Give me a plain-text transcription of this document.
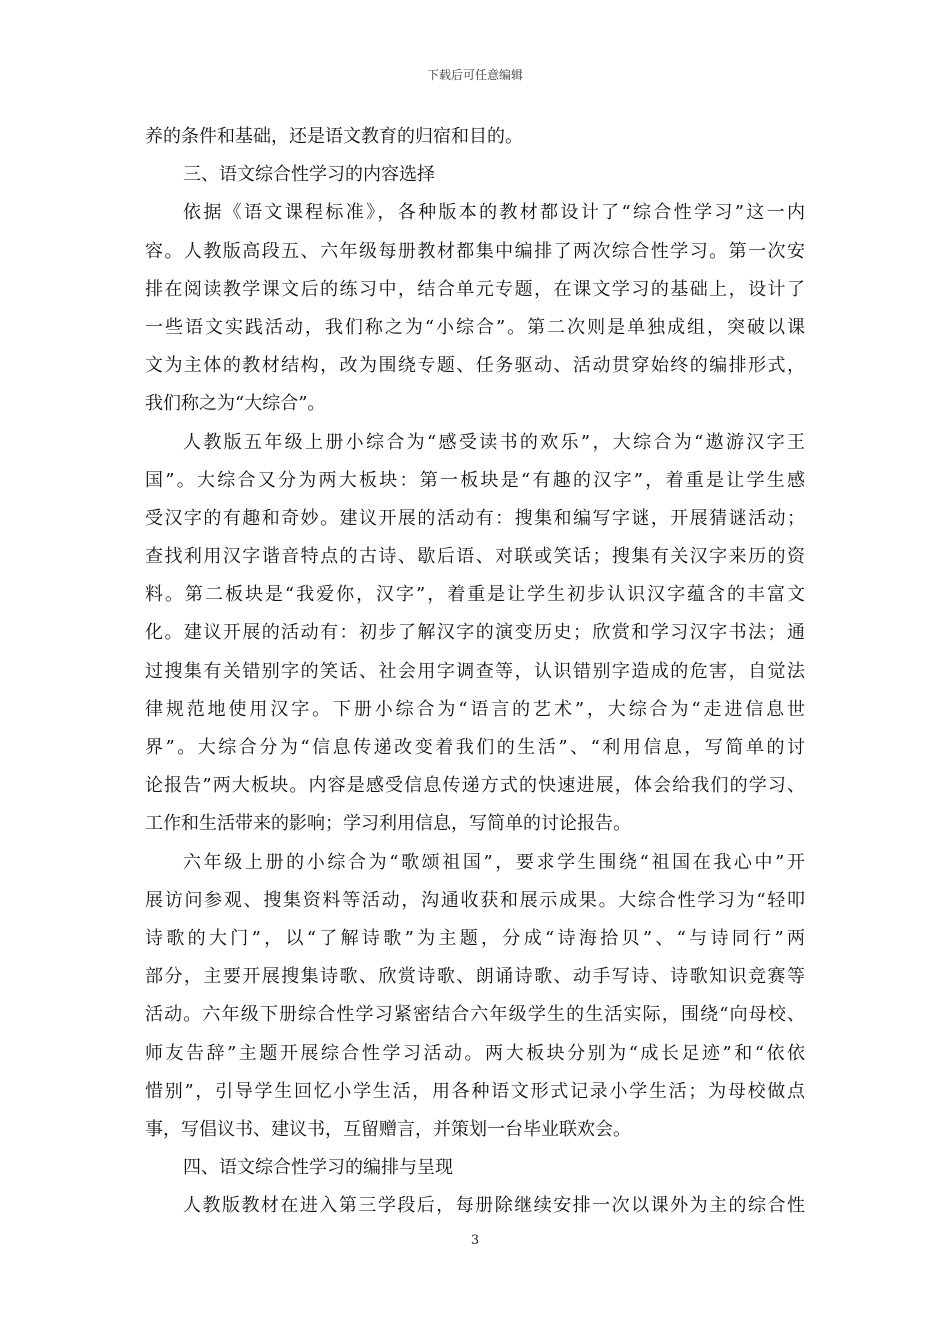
下载后可任意编辑
养的条件和基础，还是语文教育的归宿和目的。
三、语文综合性学习的内容选择
依据《语文课程标准》，各种版本的教材都设计了“综合性学习”这一内
容。人教版高段五、六年级每册教材都集中编排了两次综合性学习。第一次安
排在阅读教学课文后的练习中，结合单元专题，在课文学习的基础上，设计了
一些语文实践活动，我们称之为“小综合”。第二次则是单独成组，突破以课
文为主体的教材结构，改为围绕专题、任务驱动、活动贯穿始终的编排形式，
我们称之为“大综合”。
人教版五年级上册小综合为“感受读书的欢乐”，大综合为“遨游汉字王
国”。大综合又分为两大板块：第一板块是“有趣的汉字”，着重是让学生感
受汉字的有趣和奇妙。建议开展的活动有：搜集和编写字谜，开展猜谜活动；
查找利用汉字谐音特点的古诗、歇后语、对联或笑话；搜集有关汉字来历的资
料。第二板块是“我爱你，汉字”，着重是让学生初步认识汉字蕴含的丰富文
化。建议开展的活动有：初步了解汉字的演变历史；欣赏和学习汉字书法；通
过搜集有关错别字的笑话、社会用字调查等，认识错别字造成的危害，自觉法
律规范地使用汉字。下册小综合为“语言的艺术”，大综合为“走进信息世
界”。大综合分为“信息传递改变着我们的生活”、“利用信息，写简单的讨
论报告”两大板块。内容是感受信息传递方式的快速进展，体会给我们的学习、
工作和生活带来的影响；学习利用信息，写简单的讨论报告。
六年级上册的小综合为“歌颂祖国”，要求学生围绕“祖国在我心中”开
展访问参观、搜集资料等活动，沟通收获和展示成果。大综合性学习为“轻叩
诗歌的大门”，以“了解诗歌”为主题，分成“诗海拾贝”、“与诗同行”两
部分，主要开展搜集诗歌、欣赏诗歌、朗诵诗歌、动手写诗、诗歌知识竞赛等
活动。六年级下册综合性学习紧密结合六年级学生的生活实际，围绕“向母校、
师友告辞”主题开展综合性学习活动。两大板块分别为“成长足迹”和“依依
惜别”，引导学生回忆小学生活，用各种语文形式记录小学生活；为母校做点
事，写倡议书、建议书，互留赠言，并策划一台毕业联欢会。
四、语文综合性学习的编排与呈现
人教版教材在进入第三学段后，每册除继续安排一次以课外为主的综合性
3
